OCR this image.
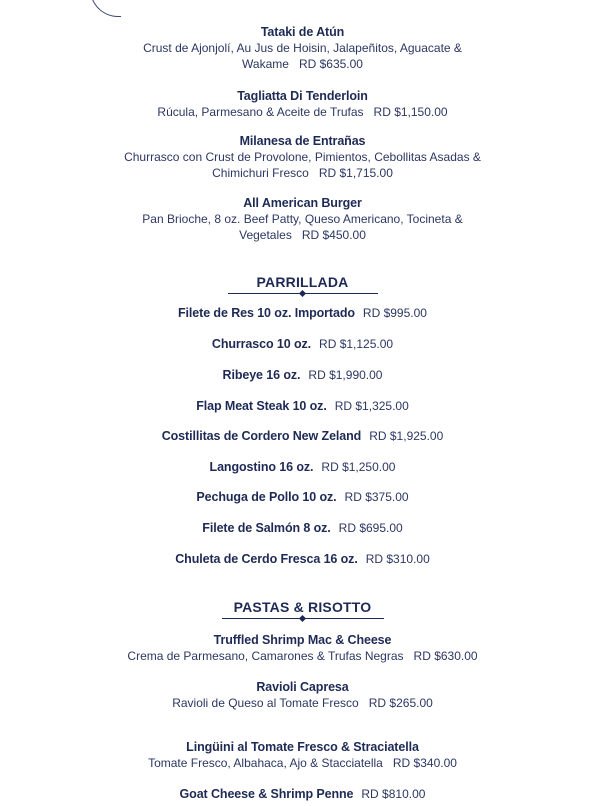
Tataki de Atún
Crust de Ajonjolí, Au Jus de Hoisin, Jalapeñitos, Aguacate &
Wakame RD $635.00
Tagliatta Di Tenderloin
Rúcula, Parmesano & Aceite de Trufas RD $1,150.00
Milanesa de Entrañas
Churrasco con Crust de Provolone, Pimientos, Cebollitas Asadas &
Chimichuri Fresco RD $1,715.00
All American Burger
Pan Brioche, 8 oz. Beef Patty, Queso Americano, Tocineta &
Vegetales RD $450.00
PARRILLADA
Filete de Res 10 oz. Importado RD $995.00
Churrasco 10 oz. RD $1,125.00
Ribeye 16 oz. RD $1,990.00
Flap Meat Steak 10 oz. RD $1,325.00
Costillitas de Cordero New Zeland RD $1,925.00
Langostino 16 oz. RD $1,250.00
Pechuga de Pollo 10 oz. RD $375.00
Filete de Salmón 8 oz. RD $695.00
Chuleta de Cerdo Fresca 16 oz. RD $310.00
PASTAS & RISOTTO
Truffled Shrimp Mac & Cheese
Crema de Parmesano, Camarones & Trufas Negras RD $630.00
Ravioli Capresa
Ravioli de Queso al Tomate Fresco RD $265.00
Lingüini al Tomate Fresco & Straciatella
Tomate Fresco, Albahaca, Ajo & Stacciatella RD $340.00
Goat Cheese & Shrimp Penne RD $810.00
